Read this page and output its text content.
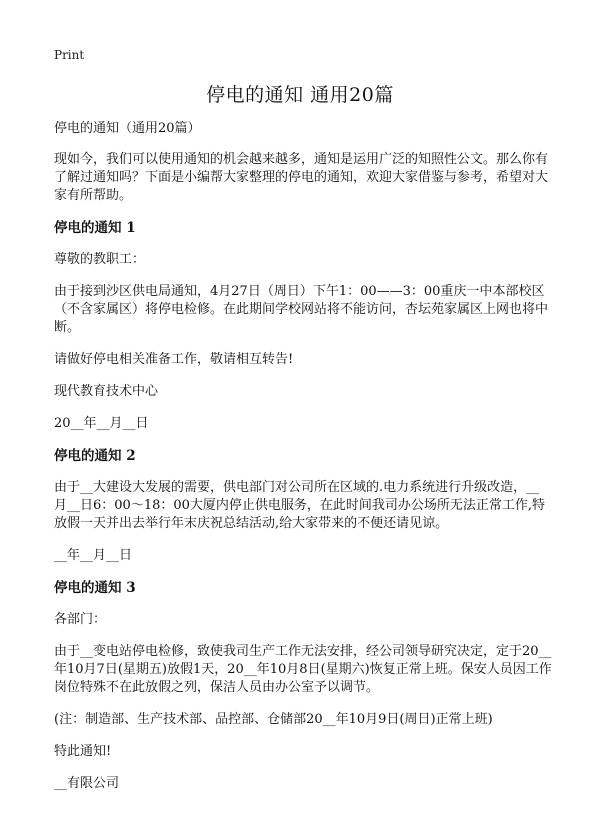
Print
停电的通知 通用20篇

停电的通知（通用20篇）

现如今，我们可以使用通知的机会越来越多，通知是运用广泛的知照性公文。那么你有了解过通知吗？下面是小编帮大家整理的停电的通知，欢迎大家借鉴与参考，希望对大家有所帮助。

停电的通知 1

尊敬的教职工：

由于接到沙区供电局通知，4月27日（周日）下午1：00——3：00重庆一中本部校区（不含家属区）将停电检修。在此期间学校网站将不能访问，杏坛苑家属区上网也将中断。

请做好停电相关准备工作，敬请相互转告!

现代教育技术中心

20__年__月__日

停电的通知 2

由于__大建设大发展的需要，供电部门对公司所在区域的.电力系统进行升级改造，__月__日6：00～18：00大厦内停止供电服务，在此时间我司办公场所无法正常工作,特放假一天并出去举行年末庆祝总结活动,给大家带来的不便还请见谅。

__年__月__日

停电的通知 3

各部门：

由于__变电站停电检修，致使我司生产工作无法安排，经公司领导研究决定，定于20__年10月7日(星期五)放假1天，20__年10月8日(星期六)恢复正常上班。保安人员因工作岗位特殊不在此放假之列，保洁人员由办公室予以调节。

(注：制造部、生产技术部、品控部、仓储部20__年10月9日(周日)正常上班)

特此通知!

__有限公司
